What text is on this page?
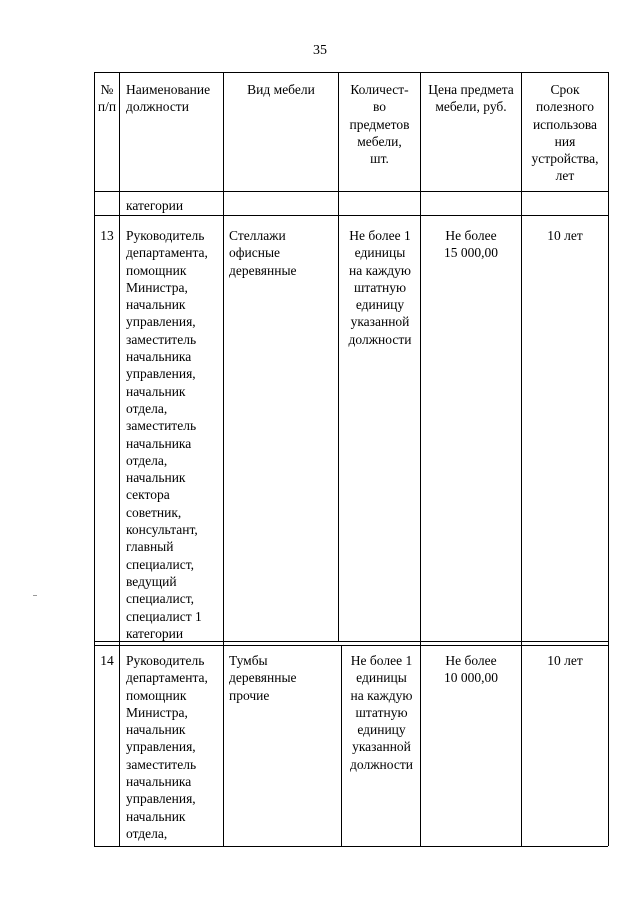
35
№
п/п
Наименование
должности
Вид мебели	Количест-
во
предметов
мебели,
шт.
Цена предмета
мебели, руб.
Срок
полезного
использова
ния
устройства,
лет
категории
13 Руководитель
департамента,
помощник
Министра,
начальник
управления,
заместитель
начальника
управления,
начальник
отдела,
заместитель
начальника
отдела,
начальник
сектора
советник,
консультант,
главный
специалист,
ведущий
специалист,
специалист 1
категории
Стеллажи
офисные
деревянные
Не более 1
единицы
на каждую
штатную
единицу
указанной
должности
Не более
15 000,00
10 лет
14 Руководитель
департамента,
помощник
Министра,
начальник
управления,
заместитель
начальника
управления,
начальник
отдела,
Тумбы
деревянные
прочие
Не более 1
единицы
на каждую
штатную
единицу
указанной
должности
Не более
10 000,00
10 лет
